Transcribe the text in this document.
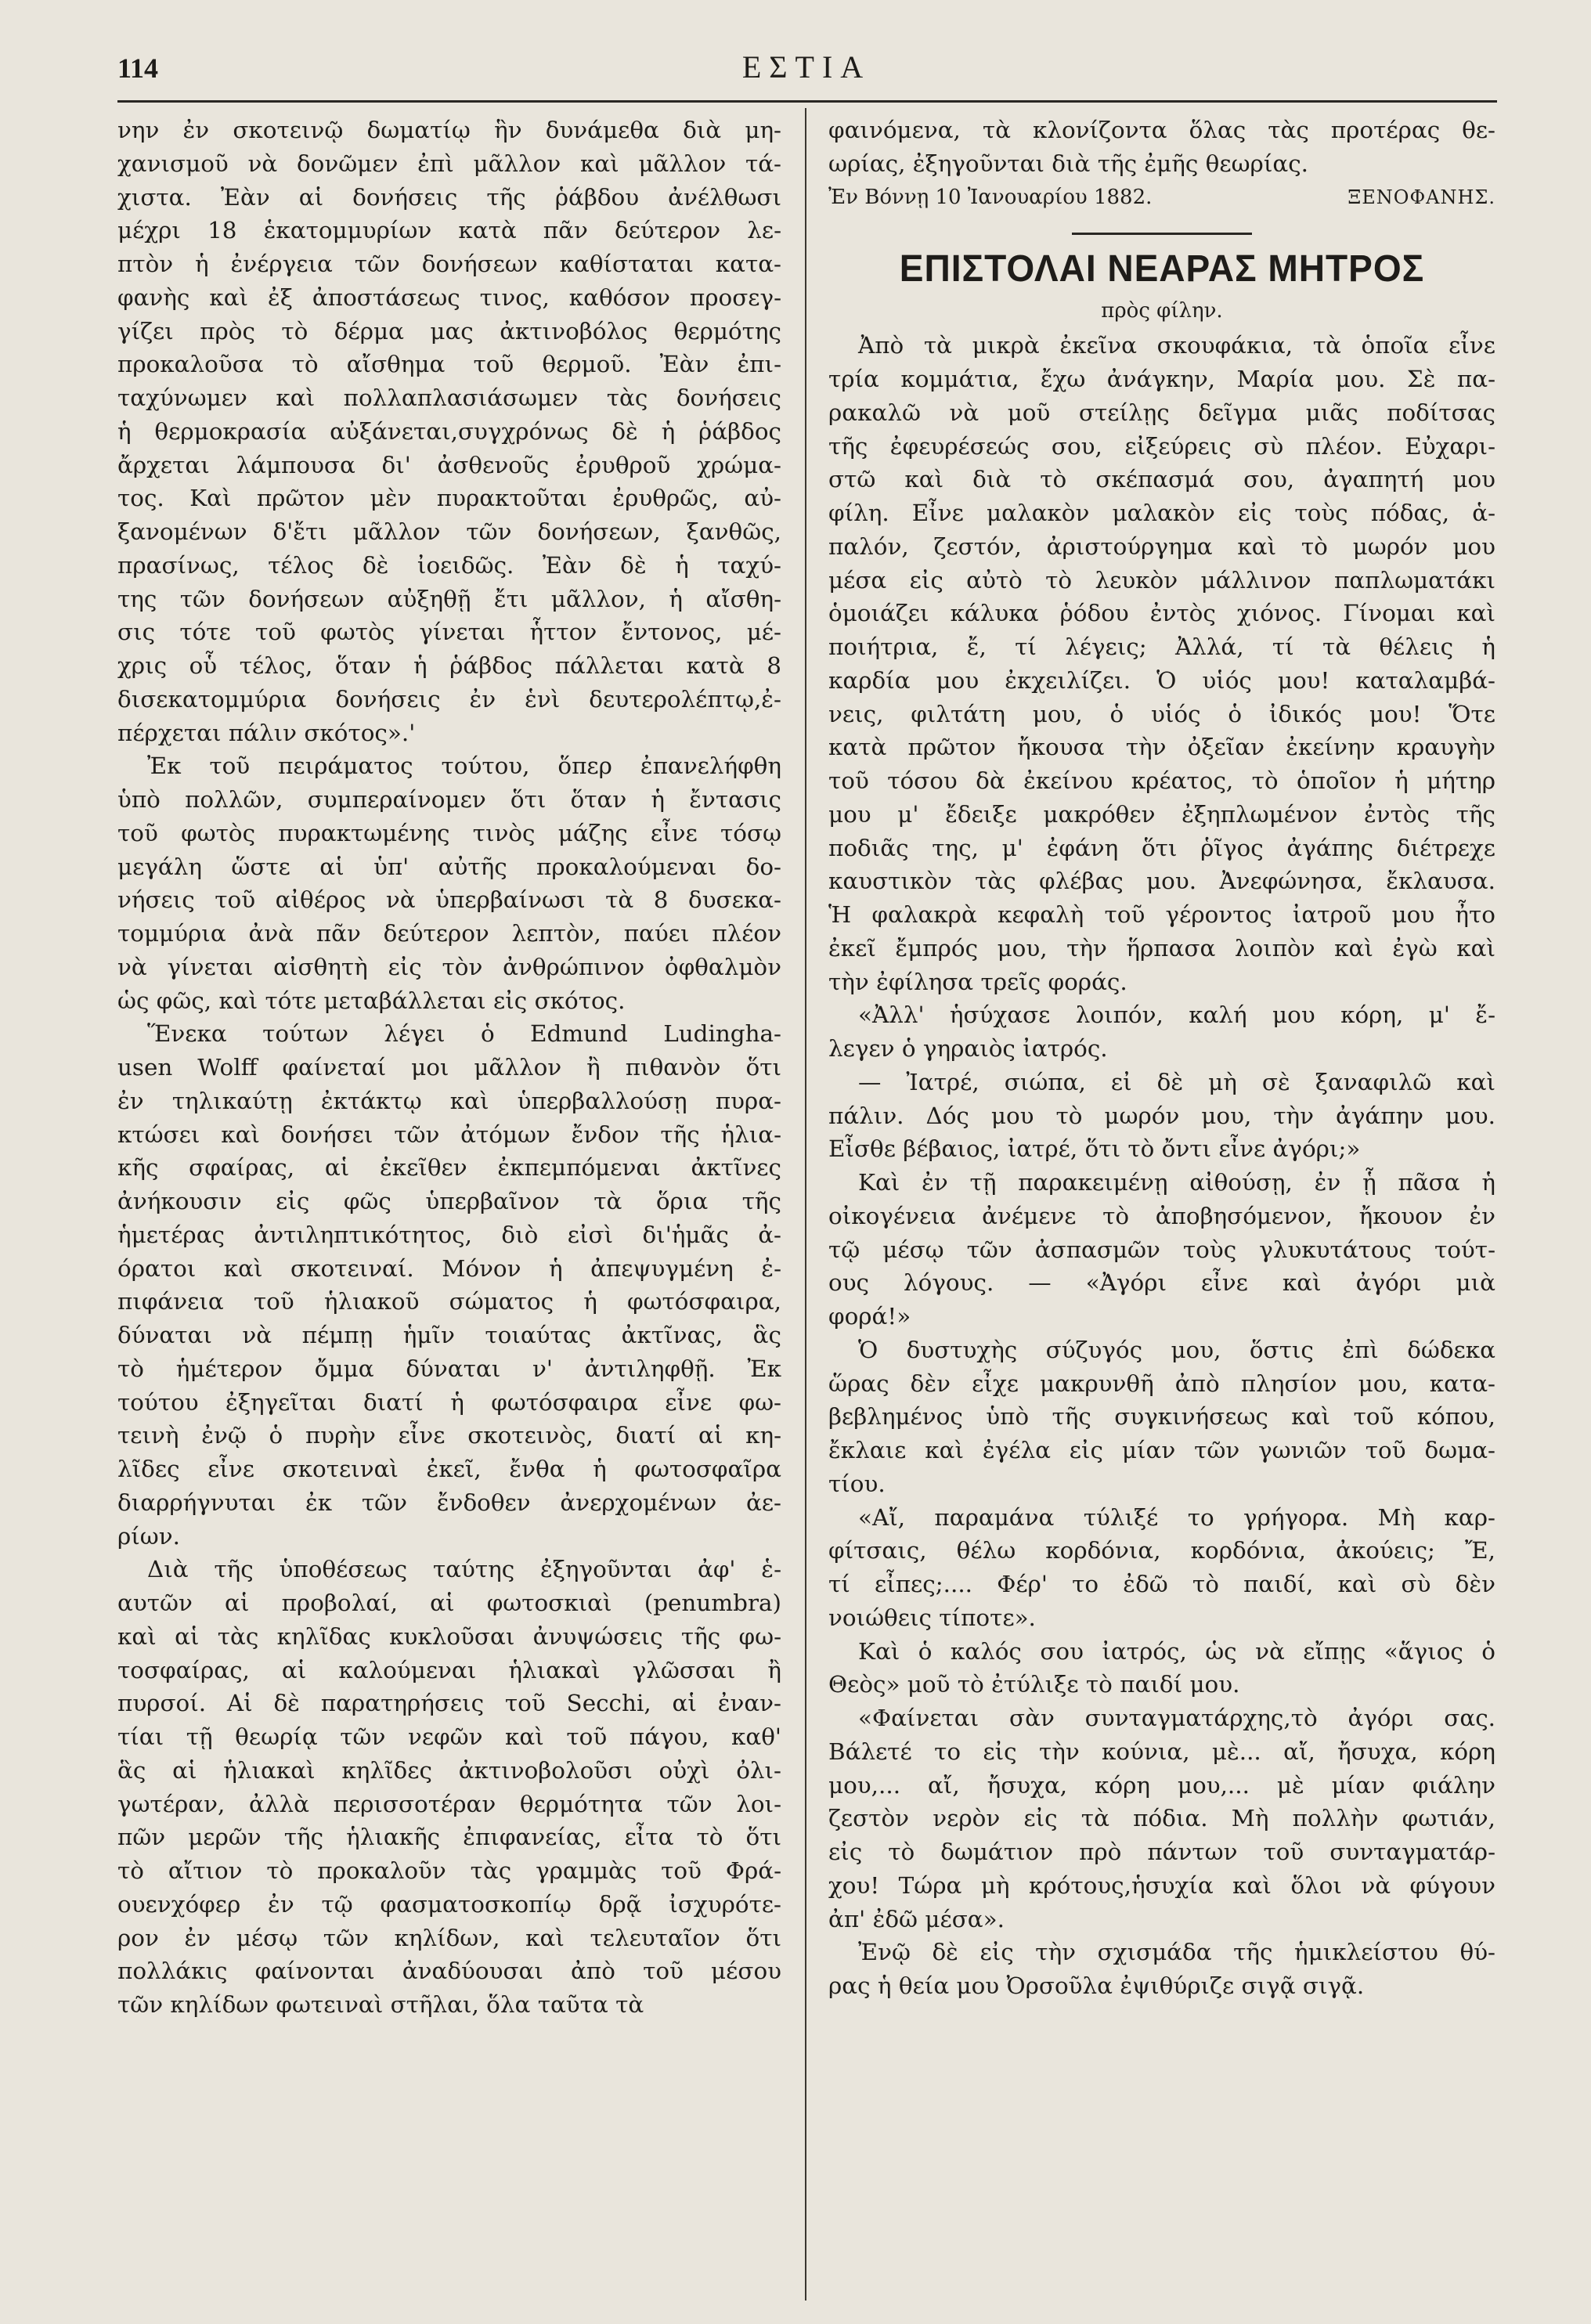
114	ΕΣΤΙΑ

νην ἐν σκοτεινῷ δωματίῳ ἣν δυνάμεθα διὰ μη-
χανισμοῦ νὰ δονῶμεν ἐπὶ μᾶλλον καὶ μᾶλλον τά-
χιστα. Ἐὰν αἱ δονήσεις τῆς ῥάβδου ἀνέλθωσι
μέχρι 18 ἑκατομμυρίων κατὰ πᾶν δεύτερον λε-
πτὸν ἡ ἐνέργεια τῶν δονήσεων καθίσταται κατα-
φανὴς καὶ ἐξ ἀποστάσεως τινος, καθόσον προσεγ-
γίζει πρὸς τὸ δέρμα μας ἀκτινοβόλος θερμότης
προκαλοῦσα τὸ αἴσθημα τοῦ θερμοῦ. Ἐὰν ἐπι-
ταχύνωμεν καὶ πολλαπλασιάσωμεν τὰς δονήσεις
ἡ θερμοκρασία αὐξάνεται,συγχρόνως δὲ ἡ ῥάβδος
ἄρχεται λάμπουσα δι' ἀσθενοῦς ἐρυθροῦ χρώμα-
τος. Καὶ πρῶτον μὲν πυρακτοῦται ἐρυθρῶς, αὐ-
ξανομένων δ'ἔτι μᾶλλον τῶν δονήσεων, ξανθῶς,
πρασίνως, τέλος δὲ ἰοειδῶς. Ἐὰν δὲ ἡ ταχύ-
της τῶν δονήσεων αὐξηθῇ ἔτι μᾶλλον, ἡ αἴσθη-
σις τότε τοῦ φωτὸς γίνεται ἧττον ἔντονος, μέ-
χρις οὗ τέλος, ὅταν ἡ ῥάβδος πάλλεται κατὰ 8
δισεκατομμύρια δονήσεις ἐν ἑνὶ δευτερολέπτῳ,ἐ-
πέρχεται πάλιν σκότος».'

Ἐκ τοῦ πειράματος τούτου, ὅπερ ἐπανελήφθη
ὑπὸ πολλῶν, συμπεραίνομεν ὅτι ὅταν ἡ ἔντασις
τοῦ φωτὸς πυρακτωμένης τινὸς μάζης εἶνε τόσῳ
μεγάλη ὥστε αἱ ὑπ' αὐτῆς προκαλούμεναι δο-
νήσεις τοῦ αἰθέρος νὰ ὑπερβαίνωσι τὰ 8 δυσεκα-
τομμύρια ἀνὰ πᾶν δεύτερον λεπτὸν, παύει πλέον
νὰ γίνεται αἰσθητὴ εἰς τὸν ἀνθρώπινον ὀφθαλμὸν
ὡς φῶς, καὶ τότε μεταβάλλεται εἰς σκότος.

Ἕνεκα τούτων λέγει ὁ Edmund Ludingha-
usen Wolff φαίνεταί μοι μᾶλλον ἢ πιθανὸν ὅτι
ἐν τηλικαύτῃ ἐκτάκτῳ καὶ ὑπερβαλλούσῃ πυρα-
κτώσει καὶ δονήσει τῶν ἀτόμων ἔνδον τῆς ἡλια-
κῆς σφαίρας, αἱ ἐκεῖθεν ἐκπεμπόμεναι ἀκτῖνες
ἀνήκουσιν εἰς φῶς ὑπερβαῖνον τὰ ὅρια τῆς
ἡμετέρας ἀντιληπτικότητος, διὸ εἰσὶ δι'ἡμᾶς ἀ-
όρατοι καὶ σκοτειναί. Μόνον ἡ ἀπεψυγμένη ἐ-
πιφάνεια τοῦ ἡλιακοῦ σώματος ἡ φωτόσφαιρα,
δύναται νὰ πέμπῃ ἡμῖν τοιαύτας ἀκτῖνας, ἃς
τὸ ἡμέτερον ὄμμα δύναται ν' ἀντιληφθῇ. Ἐκ
τούτου ἐξηγεῖται διατί ἡ φωτόσφαιρα εἶνε φω-
τεινὴ ἐνῷ ὁ πυρὴν εἶνε σκοτεινὸς, διατί αἱ κη-
λῖδες εἶνε σκοτειναὶ ἐκεῖ, ἔνθα ἡ φωτοσφαῖρα
διαρρήγνυται ἐκ τῶν ἔνδοθεν ἀνερχομένων ἀε-
ρίων.

Διὰ τῆς ὑποθέσεως ταύτης ἐξηγοῦνται ἀφ' ἑ-
αυτῶν αἱ προβολαί, αἱ φωτοσκιαὶ (penumbra)
καὶ αἱ τὰς κηλῖδας κυκλοῦσαι ἀνυψώσεις τῆς φω-
τοσφαίρας, αἱ καλούμεναι ἡλιακαὶ γλῶσσαι ἢ
πυρσοί. Αἱ δὲ παρατηρήσεις τοῦ Secchi, αἱ ἐναν-
τίαι τῇ θεωρίᾳ τῶν νεφῶν καὶ τοῦ πάγου, καθ'
ἃς αἱ ἡλιακαὶ κηλῖδες ἀκτινοβολοῦσι οὐχὶ ὀλι-
γωτέραν, ἀλλὰ περισσοτέραν θερμότητα τῶν λοι-
πῶν μερῶν τῆς ἡλιακῆς ἐπιφανείας, εἶτα τὸ ὅτι
τὸ αἴτιον τὸ προκαλοῦν τὰς γραμμὰς τοῦ Φρά-
ουενχόφερ ἐν τῷ φασματοσκοπίῳ δρᾷ ἰσχυρότε-
ρον ἐν μέσῳ τῶν κηλίδων, καὶ τελευταῖον ὅτι
πολλάκις φαίνονται ἀναδύουσαι ἀπὸ τοῦ μέσου
τῶν κηλίδων φωτειναὶ στῆλαι, ὅλα ταῦτα τὰ

φαινόμενα, τὰ κλονίζοντα ὅλας τὰς προτέρας θε-
ωρίας, ἐξηγοῦνται διὰ τῆς ἐμῆς θεωρίας.
Ἐν Βόννῃ 10 Ἰανουαρίου 1882.	ΞΕΝΟΦΑΝΗΣ.
ΕΠΙΣΤΟΛΑΙ ΝΕΑΡΑΣ ΜΗΤΡΟΣ
πρὸς φίλην.

Ἀπὸ τὰ μικρὰ ἐκεῖνα σκουφάκια, τὰ ὁποῖα εἶνε
τρία κομμάτια, ἔχω ἀνάγκην, Μαρία μου. Σὲ πα-
ρακαλῶ νὰ μοῦ στείλῃς δεῖγμα μιᾶς ποδίτσας
τῆς ἐφευρέσεώς σου, εἰξεύρεις σὺ πλέον. Εὐχαρι-
στῶ καὶ διὰ τὸ σκέπασμά σου, ἀγαπητή μου
φίλη. Εἶνε μαλακὸν μαλακὸν εἰς τοὺς πόδας, ἁ-
παλόν, ζεστόν, ἀριστούργημα καὶ τὸ μωρόν μου
μέσα εἰς αὐτὸ τὸ λευκὸν μάλλινον παπλωματάκι
ὁμοιάζει κάλυκα ῥόδου ἐντὸς χιόνος. Γίνομαι καὶ
ποιήτρια, ἔ, τί λέγεις; Ἀλλά, τί τὰ θέλεις ἡ
καρδία μου ἐκχειλίζει. Ὁ υἱός μου! καταλαμβά-
νεις, φιλτάτη μου, ὁ υἱός ὁ ἰδικός μου! Ὅτε
κατὰ πρῶτον ἤκουσα τὴν ὀξεῖαν ἐκείνην κραυγὴν
τοῦ τόσου δὰ ἐκείνου κρέατος, τὸ ὁποῖον ἡ μήτηρ
μου μ' ἔδειξε μακρόθεν ἐξηπλωμένον ἐντὸς τῆς
ποδιᾶς της, μ' ἐφάνη ὅτι ῥῖγος ἀγάπης διέτρεχε
καυστικὸν τὰς φλέβας μου. Ἀνεφώνησα, ἔκλαυσα.
Ἡ φαλακρὰ κεφαλὴ τοῦ γέροντος ἰατροῦ μου ἦτο
ἐκεῖ ἔμπρός μου, τὴν ἥρπασα λοιπὸν καὶ ἐγὼ καὶ
τὴν ἐφίλησα τρεῖς φοράς.

«Ἀλλ' ἡσύχασε λοιπόν, καλή μου κόρη, μ' ἔ-
λεγεν ὁ γηραιὸς ἰατρός.

— Ἰατρέ, σιώπα, εἰ δὲ μὴ σὲ ξαναφιλῶ καὶ
πάλιν. Δός μου τὸ μωρόν μου, τὴν ἀγάπην μου.
Εἶσθε βέβαιος, ἰατρέ, ὅτι τὸ ὄντι εἶνε ἀγόρι;»

Καὶ ἐν τῇ παρακειμένῃ αἰθούσῃ, ἐν ᾗ πᾶσα ἡ
οἰκογένεια ἀνέμενε τὸ ἀποβησόμενον, ἤκουον ἐν
τῷ μέσῳ τῶν ἀσπασμῶν τοὺς γλυκυτάτους τούτ-
ους λόγους. — «Ἀγόρι εἶνε καὶ ἀγόρι μιὰ
φορά!»

Ὁ δυστυχὴς σύζυγός μου, ὅστις ἐπὶ δώδεκα
ὥρας δὲν εἶχε μακρυνθῆ ἀπὸ πλησίον μου, κατα-
βεβλημένος ὑπὸ τῆς συγκινήσεως καὶ τοῦ κόπου,
ἔκλαιε καὶ ἐγέλα εἰς μίαν τῶν γωνιῶν τοῦ δωμα-
τίου.

«Αἴ, παραμάνα τύλιξέ το γρήγορα. Μὴ καρ-
φίτσαις, θέλω κορδόνια, κορδόνια, ἀκούεις; Ἔ,
τί εἶπες;.... Φέρ' το ἐδῶ τὸ παιδί, καὶ σὺ δὲν
νοιώθεις τίποτε».

Καὶ ὁ καλός σου ἰατρός, ὡς νὰ εἴπῃς «ἅγιος ὁ
Θεὸς» μοῦ τὸ ἐτύλιξε τὸ παιδί μου.

«Φαίνεται σὰν συνταγματάρχης,τὸ ἀγόρι σας.
Βάλετέ το εἰς τὴν κούνια, μὲ... αἴ, ἤσυχα, κόρη
μου,... αἴ, ἤσυχα, κόρη μου,... μὲ μίαν φιάλην
ζεστὸν νερὸν εἰς τὰ πόδια. Μὴ πολλὴν φωτιάν,
εἰς τὸ δωμάτιον πρὸ πάντων τοῦ συνταγματάρ-
χου! Τώρα μὴ κρότους,ἡσυχία καὶ ὅλοι νὰ φύγουν
ἀπ' ἐδῶ μέσα».

Ἐνῷ δὲ εἰς τὴν σχισμάδα τῆς ἡμικλείστου θύ-
ρας ἡ θεία μου Ὀρσοῦλα ἐψιθύριζε σιγᾷ σιγᾷ.
